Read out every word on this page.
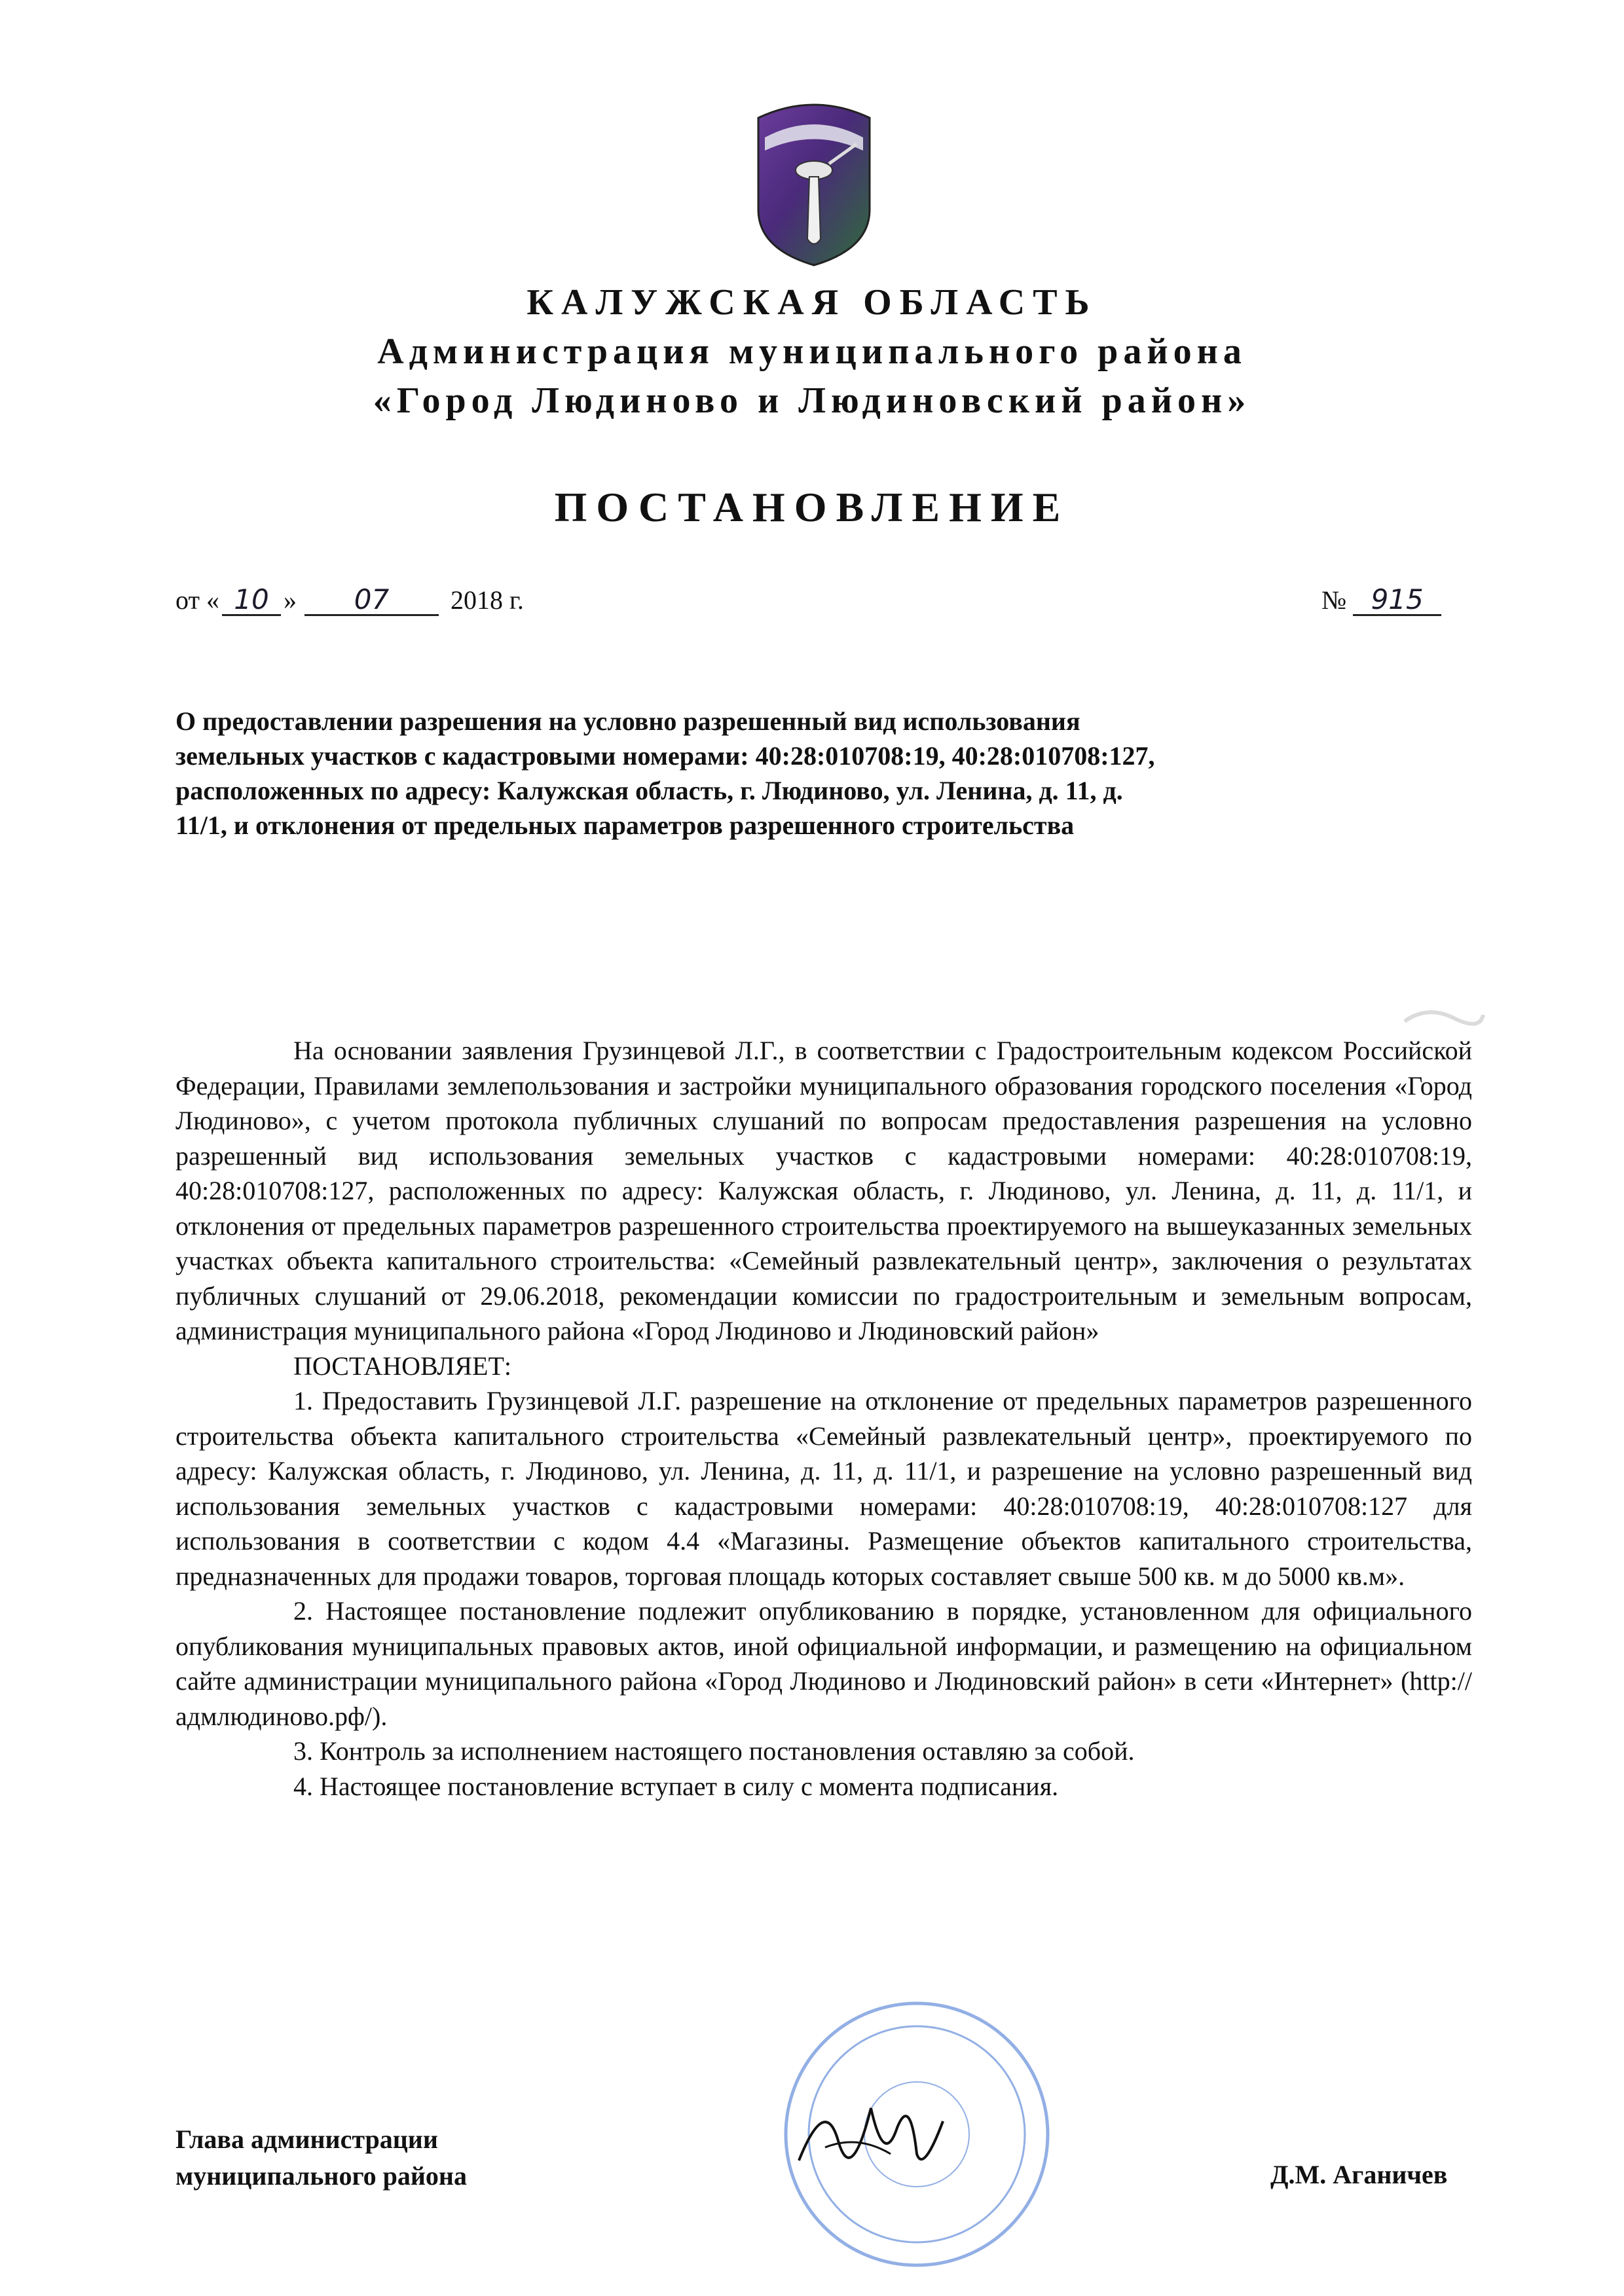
КАЛУЖСКАЯ ОБЛАСТЬ
Администрация муниципального района
«Город Людиново и Людиновский район»
ПОСТАНОВЛЕНИЕ
от « 10 » 07 2018 г.	№ 915
О предоставлении разрешения на условно разрешенный вид использования земельных участков с кадастровыми номерами: 40:28:010708:19, 40:28:010708:127, расположенных по адресу: Калужская область, г. Людиново, ул. Ленина, д. 11, д. 11/1, и отклонения от предельных параметров разрешенного строительства

На основании заявления Грузинцевой Л.Г., в соответствии с Градостроительным кодексом Российской Федерации, Правилами землепользования и застройки муниципального образования городского поселения «Город Людиново», с учетом протокола публичных слушаний по вопросам предоставления разрешения на условно разрешенный вид использования земельных участков с кадастровыми номерами: 40:28:010708:19, 40:28:010708:127, расположенных по адресу: Калужская область, г. Людиново, ул. Ленина, д. 11, д. 11/1, и отклонения от предельных параметров разрешенного строительства проектируемого на вышеуказанных земельных участках объекта капитального строительства: «Семейный развлекательный центр», заключения о результатах публичных слушаний от 29.06.2018, рекомендации комиссии по градостроительным и земельным вопросам, администрация муниципального района «Город Людиново и Людиновский район»

ПОСТАНОВЛЯЕТ:

1. Предоставить Грузинцевой Л.Г. разрешение на отклонение от предельных параметров разрешенного строительства объекта капитального строительства «Семейный развлекательный центр», проектируемого по адресу: Калужская область, г. Людиново, ул. Ленина, д. 11, д. 11/1, и разрешение на условно разрешенный вид использования земельных участков с кадастровыми номерами: 40:28:010708:19, 40:28:010708:127 для использования в соответствии с кодом 4.4 «Магазины. Размещение объектов капитального строительства, предназначенных для продажи товаров, торговая площадь которых составляет свыше 500 кв. м до 5000 кв.м».

2. Настоящее постановление подлежит опубликованию в порядке, установленном для официального опубликования муниципальных правовых актов, иной официальной информации, и размещению на официальном сайте администрации муниципального района «Город Людиново и Людиновский район» в сети «Интернет» (http://адмлюдиново.рф/).

3. Контроль за исполнением настоящего постановления оставляю за собой.

4. Настоящее постановление вступает в силу с момента подписания.

Глава администрации
муниципального района	Д.М. Аганичев
